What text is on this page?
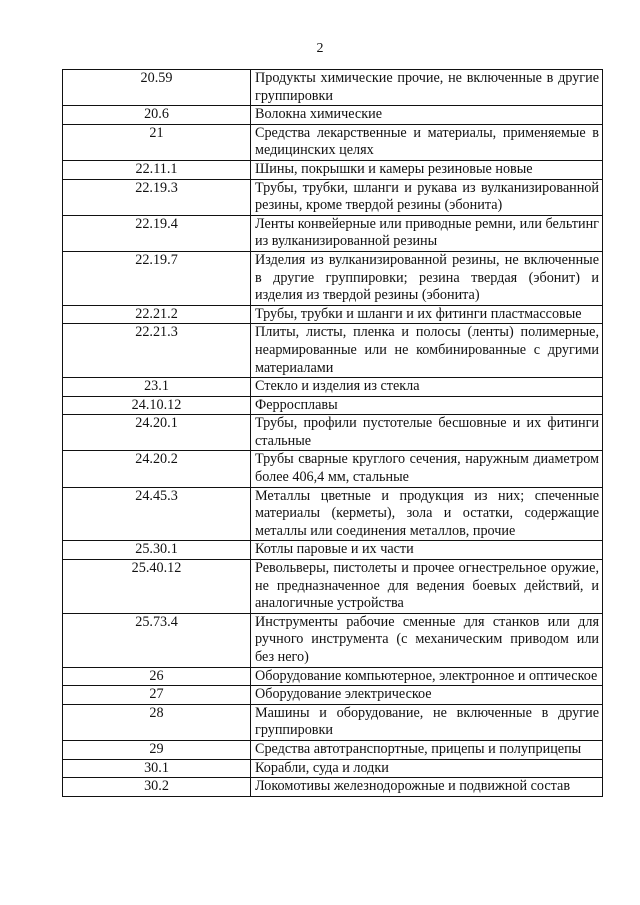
2
20.59	Продукты химические прочие, не включенные в другие группировки
20.6	Волокна химические
21	Средства лекарственные и материалы, применяемые в медицинских целях
22.11.1	Шины, покрышки и камеры резиновые новые
22.19.3	Трубы, трубки, шланги и рукава из вулканизированной резины, кроме твердой резины (эбонита)
22.19.4	Ленты конвейерные или приводные ремни, или бельтинг из вулканизированной резины
22.19.7	Изделия из вулканизированной резины, не включенные в другие группировки; резина твердая (эбонит) и изделия из твердой резины (эбонита)
22.21.2	Трубы, трубки и шланги и их фитинги пластмассовые
22.21.3	Плиты, листы, пленка и полосы (ленты) полимерные, неармированные или не комбинированные с другими материалами
23.1	Стекло и изделия из стекла
24.10.12	Ферросплавы
24.20.1	Трубы, профили пустотелые бесшовные и их фитинги стальные
24.20.2	Трубы сварные круглого сечения, наружным диаметром более 406,4 мм, стальные
24.45.3	Металлы цветные и продукция из них; спеченные материалы (керметы), зола и остатки, содержащие металлы или соединения металлов, прочие
25.30.1	Котлы паровые и их части
25.40.12	Револьверы, пистолеты и прочее огнестрельное оружие, не предназначенное для ведения боевых действий, и аналогичные устройства
25.73.4	Инструменты рабочие сменные для станков или для ручного инструмента (с механическим приводом или без него)
26	Оборудование компьютерное, электронное и оптическое
27	Оборудование электрическое
28	Машины и оборудование, не включенные в другие группировки
29	Средства автотранспортные, прицепы и полуприцепы
30.1	Корабли, суда и лодки
30.2	Локомотивы железнодорожные и подвижной состав
